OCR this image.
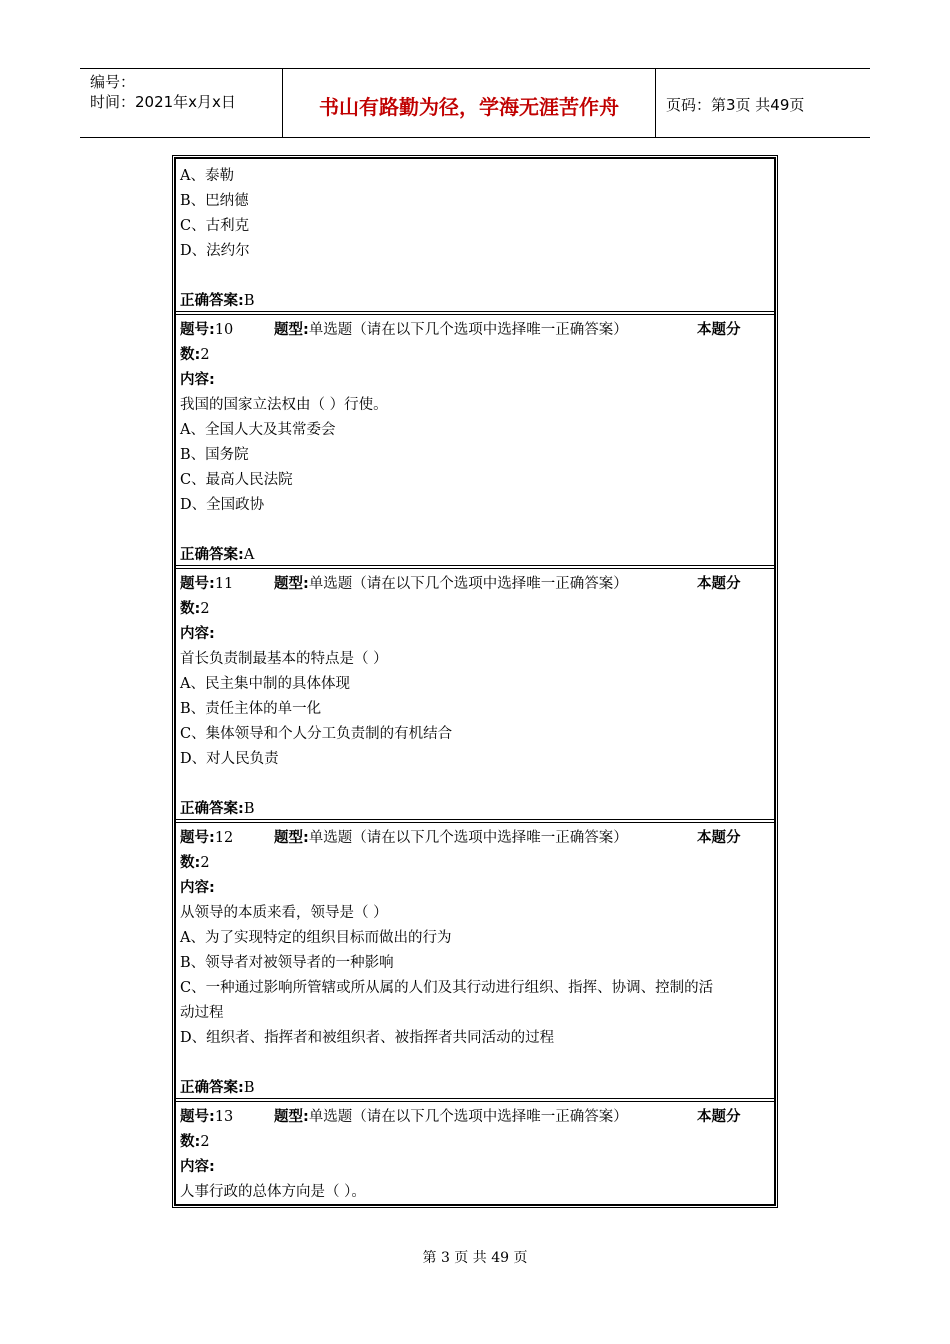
编号：
时间：2021年x月x日	书山有路勤为径，学海无涯苦作舟	页码：第3页 共49页
A、泰勒
B、巴纳德
C、古利克
D、法约尔
正确答案:B
题号:10	题型:单选题（请在以下几个选项中选择唯一正确答案）	本题分
数:2
内容:
我国的国家立法权由（ ）行使。
A、全国人大及其常委会
B、国务院
C、最高人民法院
D、全国政协
正确答案:A
题号:11	题型:单选题（请在以下几个选项中选择唯一正确答案）	本题分
数:2
内容:
首长负责制最基本的特点是（ ）
A、民主集中制的具体体现
B、责任主体的单一化
C、集体领导和个人分工负责制的有机结合
D、对人民负责
正确答案:B
题号:12	题型:单选题（请在以下几个选项中选择唯一正确答案）	本题分
数:2
内容:
从领导的本质来看，领导是（ ）
A、为了实现特定的组织目标而做出的行为
B、领导者对被领导者的一种影响
C、一种通过影响所管辖或所从属的人们及其行动进行组织、指挥、协调、控制的活
动过程
D、组织者、指挥者和被组织者、被指挥者共同活动的过程
正确答案:B
题号:13	题型:单选题（请在以下几个选项中选择唯一正确答案）	本题分
数:2
内容:
人事行政的总体方向是（ ）。
第 3 页 共 49 页
